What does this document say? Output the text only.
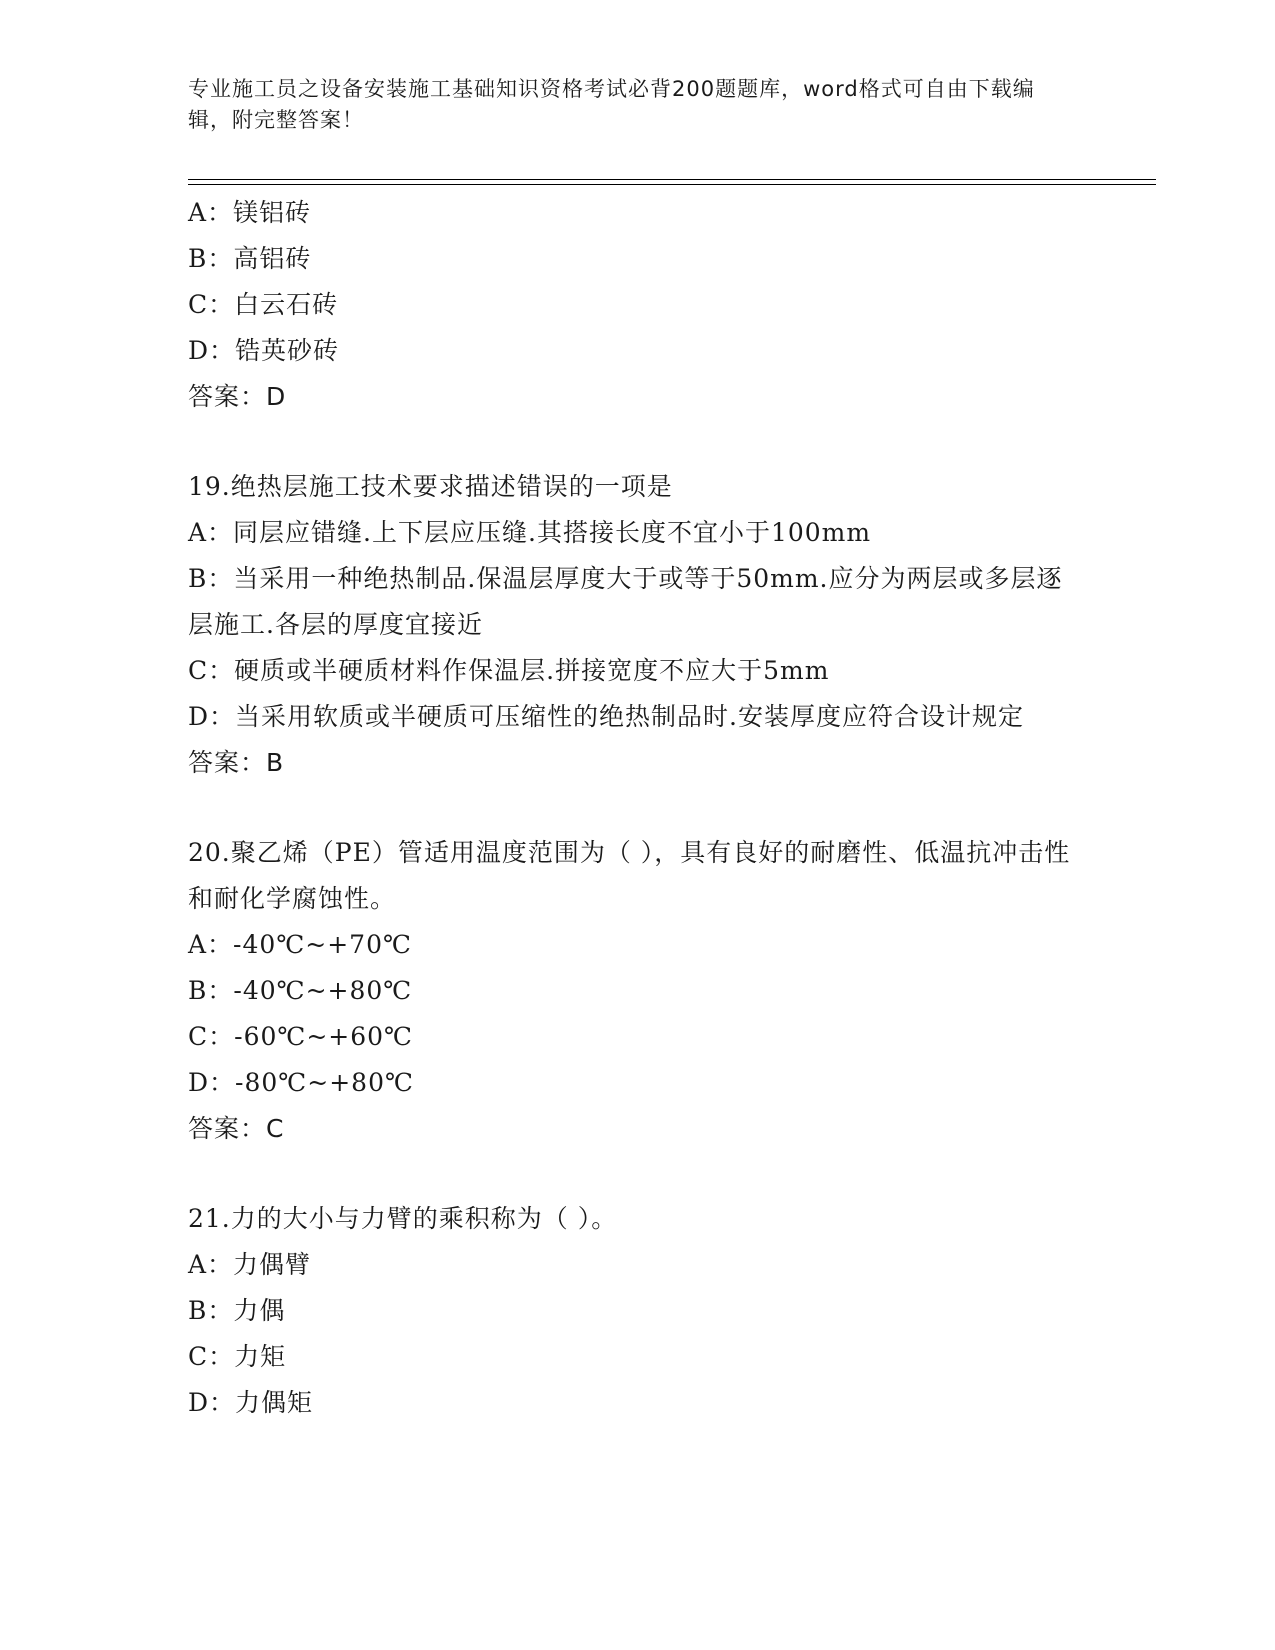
专业施工员之设备安装施工基础知识资格考试必背200题题库，word格式可自由下载编辑，附完整答案！
A：镁铝砖
B：高铝砖
C：白云石砖
D：锆英砂砖
答案：D
19.绝热层施工技术要求描述错误的一项是
A：同层应错缝.上下层应压缝.其搭接长度不宜小于100mm
B：当采用一种绝热制品.保温层厚度大于或等于50mm.应分为两层或多层逐层施工.各层的厚度宜接近
C：硬质或半硬质材料作保温层.拼接宽度不应大于5mm
D：当采用软质或半硬质可压缩性的绝热制品时.安装厚度应符合设计规定
答案：B
20.聚乙烯（PE）管适用温度范围为（ ），具有良好的耐磨性、低温抗冲击性和耐化学腐蚀性。
A：-40℃~+70℃
B：-40℃~+80℃
C：-60℃~+60℃
D：-80℃~+80℃
答案：C
21.力的大小与力臂的乘积称为（ ）。
A：力偶臂
B：力偶
C：力矩
D：力偶矩
